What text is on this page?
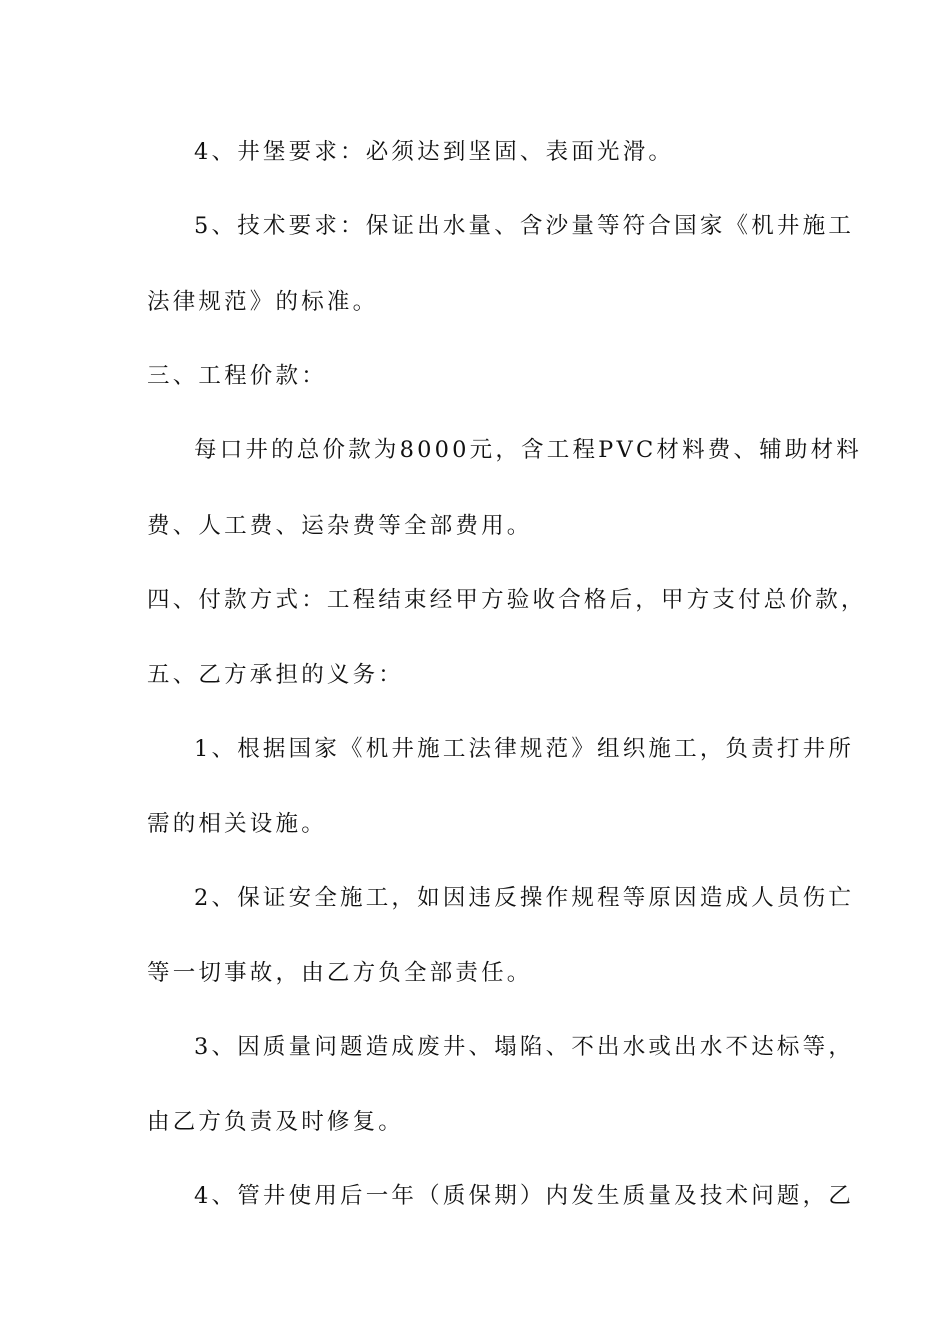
4、井堡要求：必须达到坚固、表面光滑。
5、技术要求：保证出水量、含沙量等符合国家《机井施工
法律规范》的标准。
三、工程价款：
每口井的总价款为8000元，含工程PVC材料费、辅助材料
费、人工费、运杂费等全部费用。
四、付款方式：工程结束经甲方验收合格后，甲方支付总价款，
五、乙方承担的义务：
1、根据国家《机井施工法律规范》组织施工，负责打井所
需的相关设施。
2、保证安全施工，如因违反操作规程等原因造成人员伤亡
等一切事故，由乙方负全部责任。
3、因质量问题造成废井、塌陷、不出水或出水不达标等，
由乙方负责及时修复。
4、管井使用后一年（质保期）内发生质量及技术问题，乙
